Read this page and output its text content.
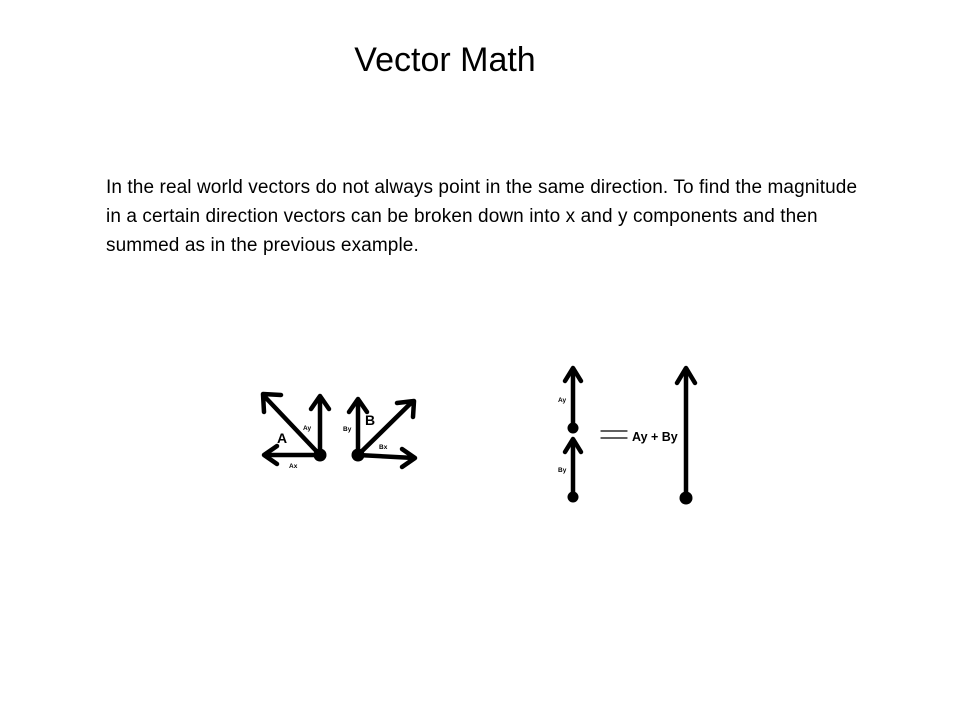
Vector Math
In the real world vectors do not always point in the same direction. To find the magnitude in a certain direction vectors can be broken down into x and y components and then summed as in the previous example.
A
Ay
Ax
B
By
Bx
Ay
By
Ay + By
